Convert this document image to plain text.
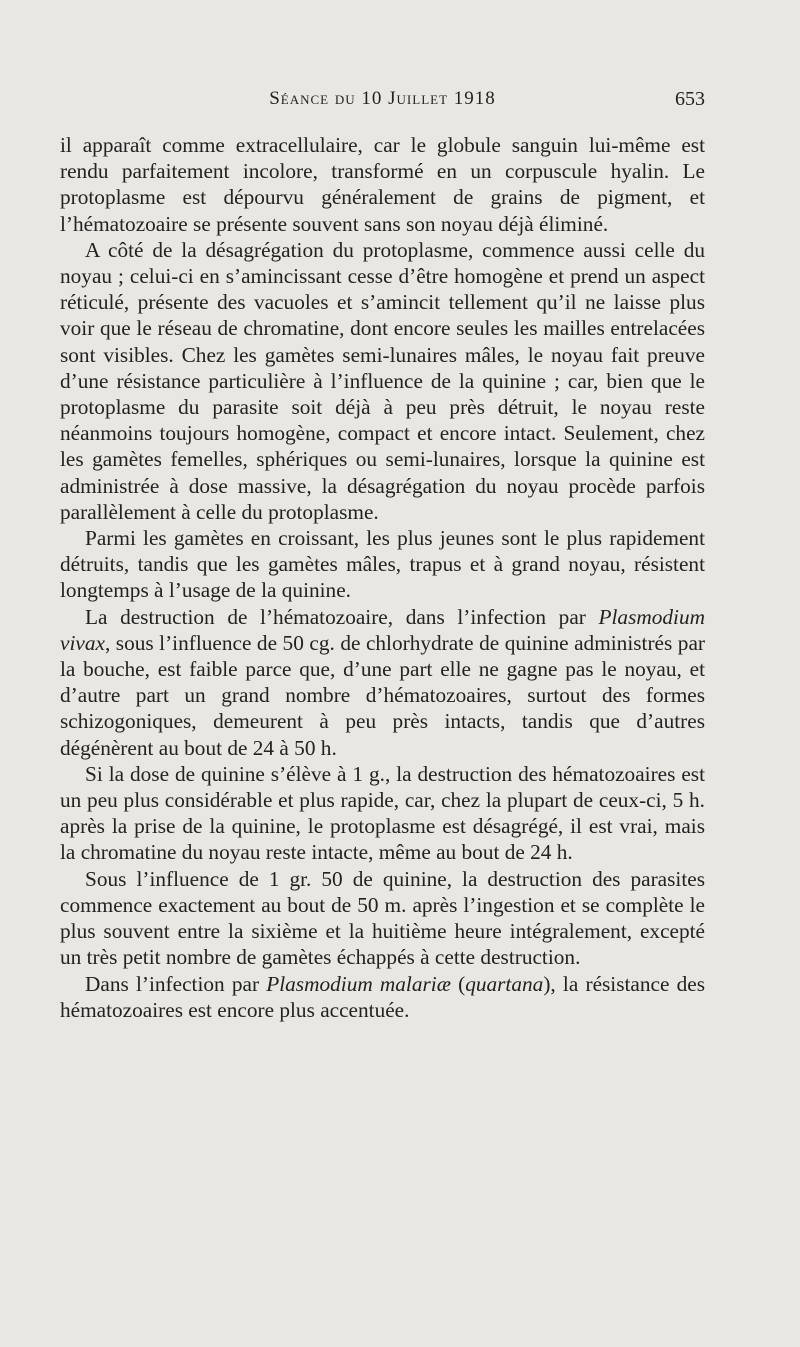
Séance du 10 Juillet 1918	653

il apparaît comme extracellulaire, car le globule sanguin lui-même est rendu parfaitement incolore, transformé en un corpuscule hyalin. Le protoplasme est dépourvu généralement de grains de pigment, et l’hématozoaire se présente souvent sans son noyau déjà éliminé.

A côté de la désagrégation du protoplasme, commence aussi celle du noyau ; celui-ci en s’amincissant cesse d’être homogène et prend un aspect réticulé, présente des vacuoles et s’amincit tellement qu’il ne laisse plus voir que le réseau de chromatine, dont encore seules les mailles entrelacées sont visibles. Chez les gamètes semi-lunaires mâles, le noyau fait preuve d’une résistance particulière à l’influence de la quinine ; car, bien que le protoplasme du parasite soit déjà à peu près détruit, le noyau reste néanmoins toujours homogène, compact et encore intact. Seulement, chez les gamètes femelles, sphériques ou semi-lunaires, lorsque la quinine est administrée à dose massive, la désagrégation du noyau procède parfois parallèlement à celle du protoplasme.

Parmi les gamètes en croissant, les plus jeunes sont le plus rapidement détruits, tandis que les gamètes mâles, trapus et à grand noyau, résistent longtemps à l’usage de la quinine.

La destruction de l’hématozoaire, dans l’infection par Plasmodium vivax, sous l’influence de 50 cg. de chlorhydrate de quinine administrés par la bouche, est faible parce que, d’une part elle ne gagne pas le noyau, et d’autre part un grand nombre d’hématozoaires, surtout des formes schizogoniques, demeurent à peu près intacts, tandis que d’autres dégénèrent au bout de 24 à 50 h.

Si la dose de quinine s’élève à 1 g., la destruction des hématozoaires est un peu plus considérable et plus rapide, car, chez la plupart de ceux-ci, 5 h. après la prise de la quinine, le protoplasme est désagrégé, il est vrai, mais la chromatine du noyau reste intacte, même au bout de 24 h.

Sous l’influence de 1 gr. 50 de quinine, la destruction des parasites commence exactement au bout de 50 m. après l’ingestion et se complète le plus souvent entre la sixième et la huitième heure intégralement, excepté un très petit nombre de gamètes échappés à cette destruction.

Dans l’infection par Plasmodium malariæ (quartana), la résistance des hématozoaires est encore plus accentuée.
